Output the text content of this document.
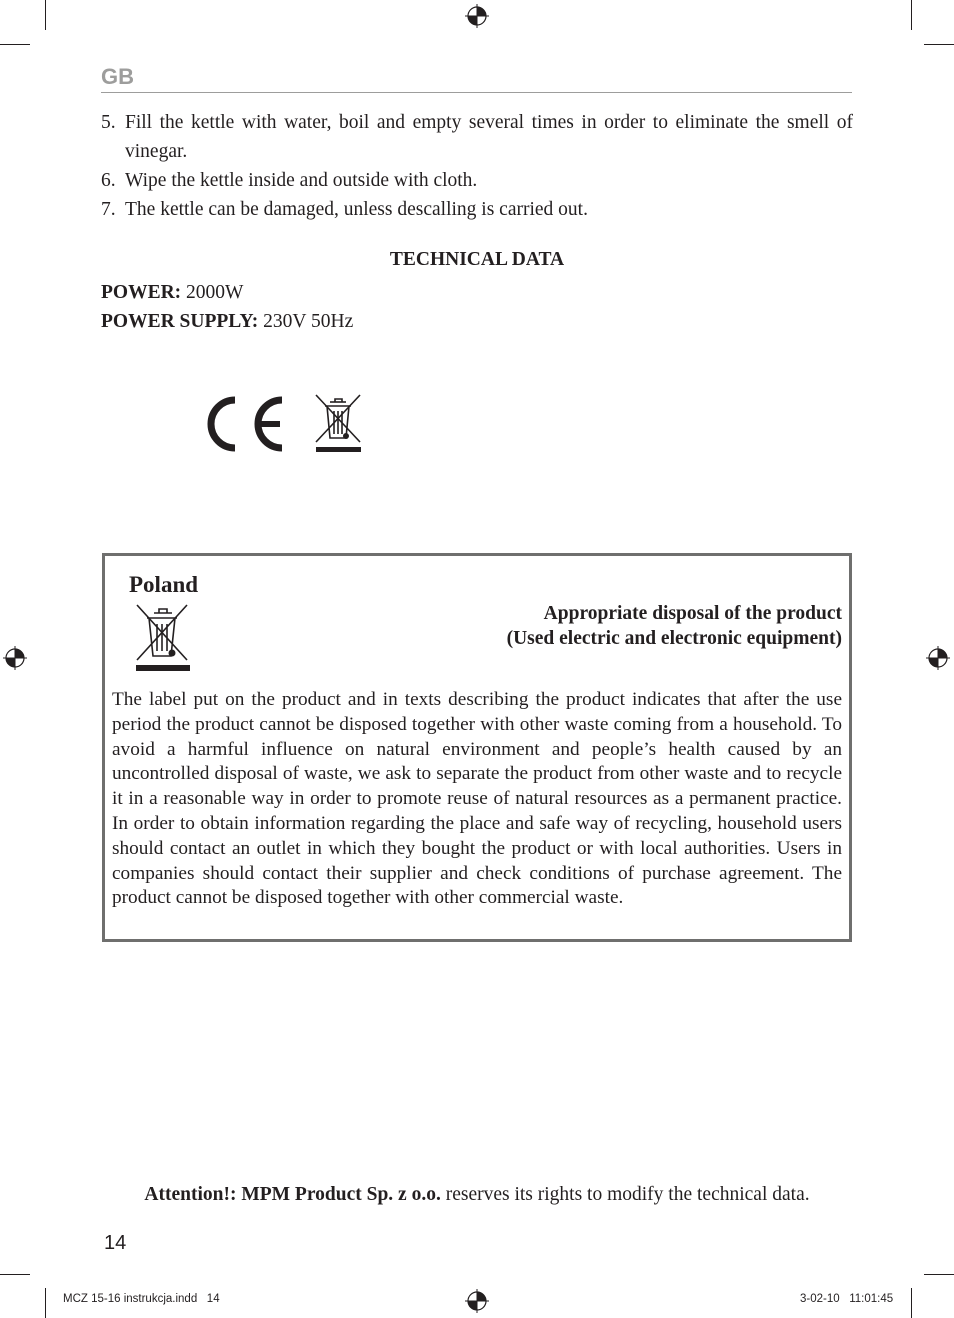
GB
5. Fill the kettle with water, boil and empty several times in order to eliminate the smell of vinegar.
6. Wipe the kettle inside and outside with cloth.
7. The kettle can be damaged, unless descalling is carried out.
TECHNICAL DATA
POWER: 2000W
POWER SUPPLY: 230V 50Hz
Poland
Appropriate disposal of the product
(Used electric and electronic equipment)
The label put on the product and in texts describing the product indicates that after the use period the product cannot be disposed together with other waste coming from a household. To avoid a harmful influence on natural environment and people’s health caused by an uncontrolled disposal of waste, we ask to separate the product from other waste and to recycle it in a reasonable way in order to promote reuse of natural resources as a permanent practice. In order to obtain information regarding the place and safe way of recycling, household users should contact an outlet in which they bought the product or with local authorities. Users in companies should contact their supplier and check conditions of purchase agreement. The product cannot be disposed together with other commercial waste.
Attention!: MPM Product Sp. z o.o. reserves its rights to modify the technical data.
14
MCZ 15-16 instrukcja.indd   14	3-02-10   11:01:45
